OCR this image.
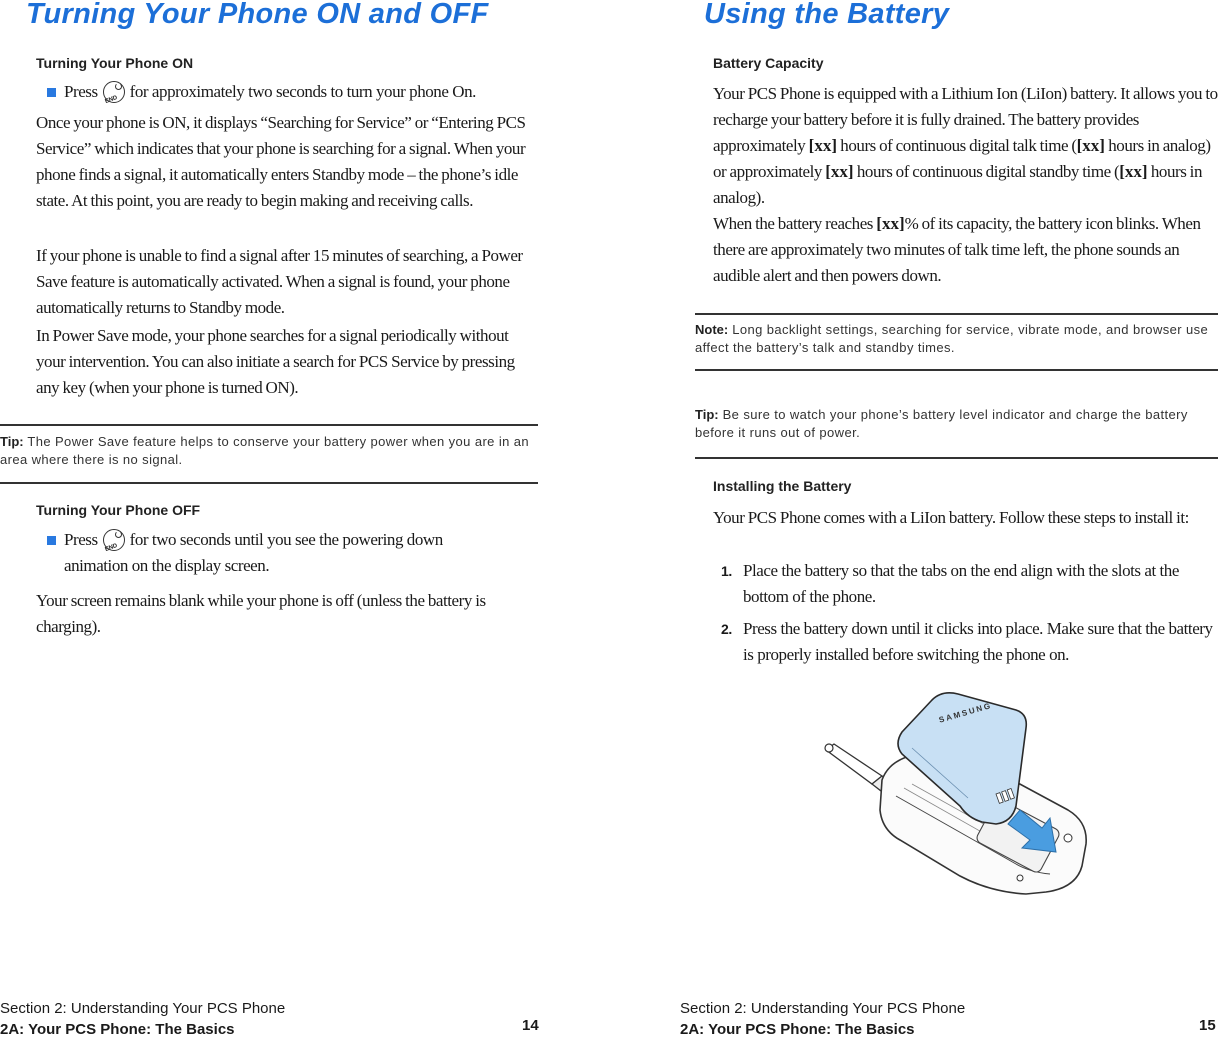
Turning Your Phone ON and OFF
Turning Your Phone ON

Press	END for approximately two seconds to turn your phone On.

Once your phone is ON, it displays “Searching for Service” or “Entering PCS Service” which indicates that your phone is searching for a signal. When your phone finds a signal, it automatically enters Standby mode – the phone’s idle state. At this point, you are ready to begin making and receiving calls.

If your phone is unable to find a signal after 15 minutes of searching, a Power Save feature is automatically activated. When a signal is found, your phone automatically returns to Standby mode.

In Power Save mode, your phone searches for a signal periodically without your intervention. You can also initiate a search for PCS Service by pressing any key (when your phone is turned ON).

Tip: The Power Save feature helps to conserve your battery power when you are in an area where there is no signal.
Turning Your Phone OFF

Press	END for two seconds until you see the powering down animation on the display screen.

Your screen remains blank while your phone is off (unless the battery is charging).

Section 2: Understanding Your PCS Phone
2A: Your PCS Phone: The Basics	14
Using the Battery
Battery Capacity

Your PCS Phone is equipped with a Lithium Ion (LiIon) battery. It allows you to recharge your battery before it is fully drained. The battery provides approximately [xx] hours of continuous digital talk time ([xx] hours in analog) or approximately [xx] hours of continuous digital standby time ([xx] hours in analog).

When the battery reaches [xx]% of its capacity, the battery icon blinks. When there are approximately two minutes of talk time left, the phone sounds an audible alert and then powers down.

Note: Long backlight settings, searching for service, vibrate mode, and browser use affect the battery’s talk and standby times.
Tip: Be sure to watch your phone’s battery level indicator and charge the battery before it runs out of power.
Installing the Battery

Your PCS Phone comes with a LiIon battery. Follow these steps to install it:

1. Place the battery so that the tabs on the end align with the slots at the bottom of the phone.

2. Press the battery down until it clicks into place. Make sure that the battery is properly installed before switching the phone on.

SAMSUNG
Section 2: Understanding Your PCS Phone
2A: Your PCS Phone: The Basics	15
